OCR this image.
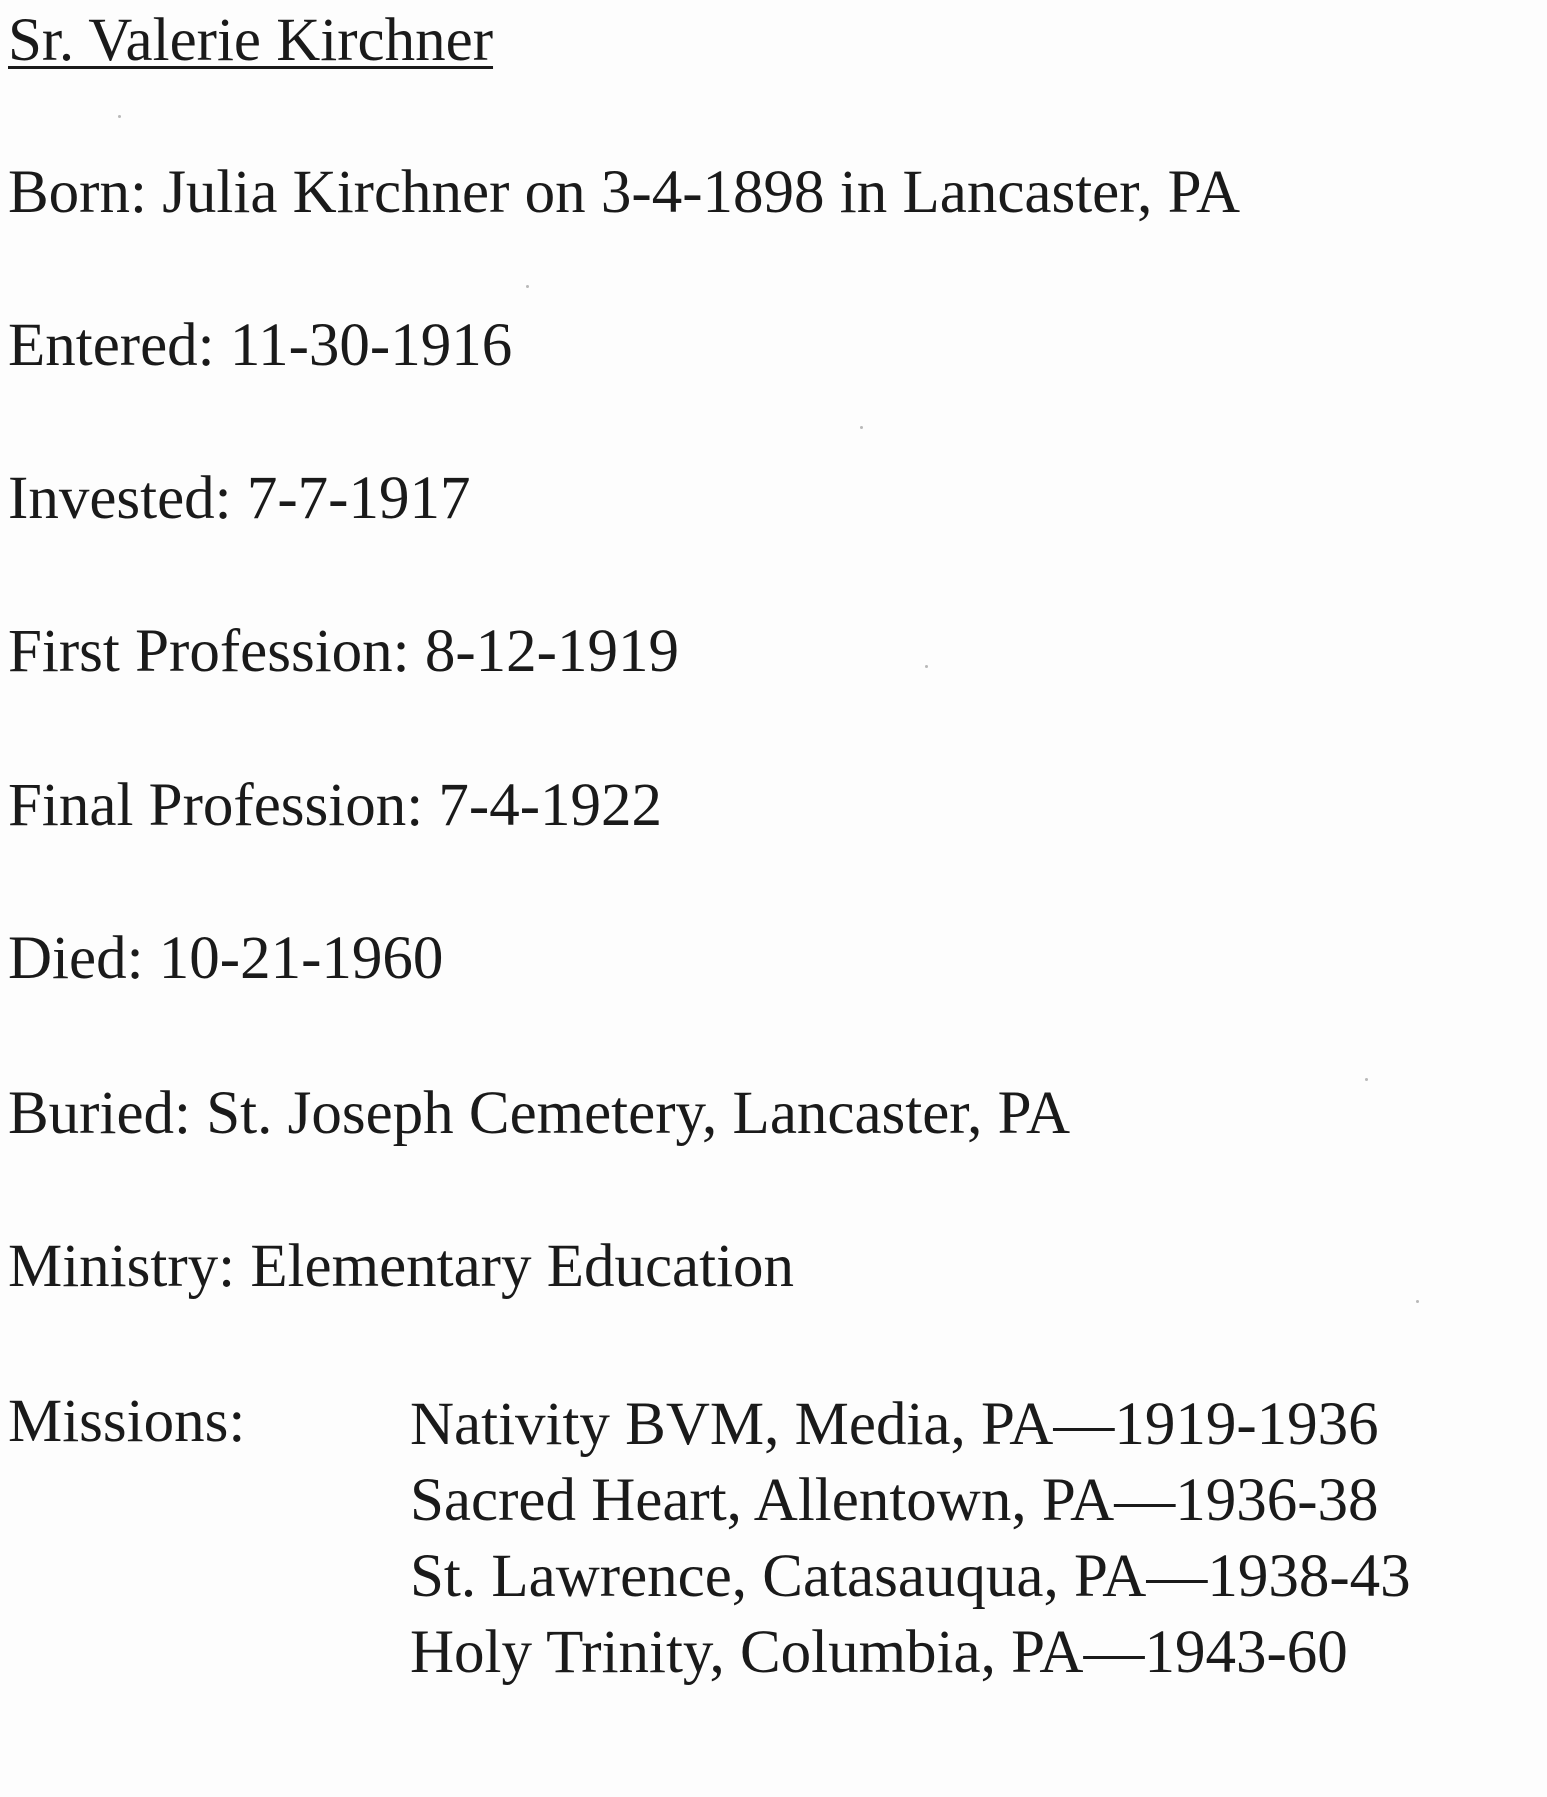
Sr. Valerie Kirchner
Born: Julia Kirchner on 3-4-1898 in Lancaster, PA
Entered: 11-30-1916
Invested: 7-7-1917
First Profession: 8-12-1919
Final Profession: 7-4-1922
Died: 10-21-1960
Buried: St. Joseph Cemetery, Lancaster, PA
Ministry: Elementary Education
Missions:	Nativity BVM, Media, PA—1919-1936
Sacred Heart, Allentown, PA—1936-38
St. Lawrence, Catasauqua, PA—1938-43
Holy Trinity, Columbia, PA—1943-60
